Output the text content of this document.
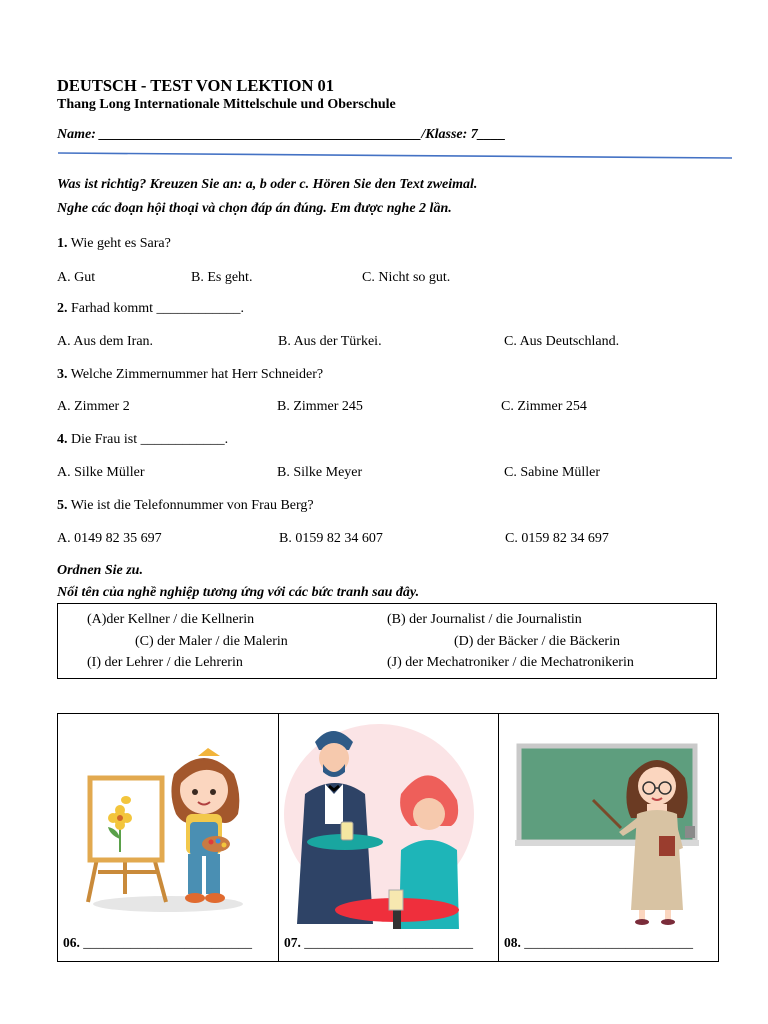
DEUTSCH - TEST VON LEKTION 01
Thang Long Internationale Mittelschule und Oberschule
Name: ______________________________________________/Klasse: 7____
Was ist richtig? Kreuzen Sie an: a, b oder c. Hören Sie den Text zweimal.
Nghe các đoạn hội thoại và chọn đáp án đúng. Em được nghe 2 lần.
1. Wie geht es Sara?
A. Gut	B. Es geht.	C. Nicht so gut.
2. Farhad kommt ____________.
A. Aus dem Iran.	B. Aus der Türkei.	C. Aus Deutschland.
3. Welche Zimmernummer hat Herr Schneider?
A. Zimmer 2	B. Zimmer 245	C. Zimmer 254
4. Die Frau ist ____________.
A. Silke Müller	B. Silke Meyer	C. Sabine Müller
5. Wie ist die Telefonnummer von Frau Berg?
A. 0149 82 35 697	B. 0159 82 34 607	C. 0159 82 34 697
Ordnen Sie zu.
Nối tên của nghề nghiệp tương ứng với các bức tranh sau đây.
(A)der Kellner / die Kellnerin	(B) der Journalist / die Journalistin
(C) der Maler / die Malerin	(D) der Bäcker / die Bäckerin
(I) der Lehrer / die Lehrerin	(J) der Mechatroniker / die Mechatronikerin
06. _________________________ 07. _________________________ 08. _________________________
